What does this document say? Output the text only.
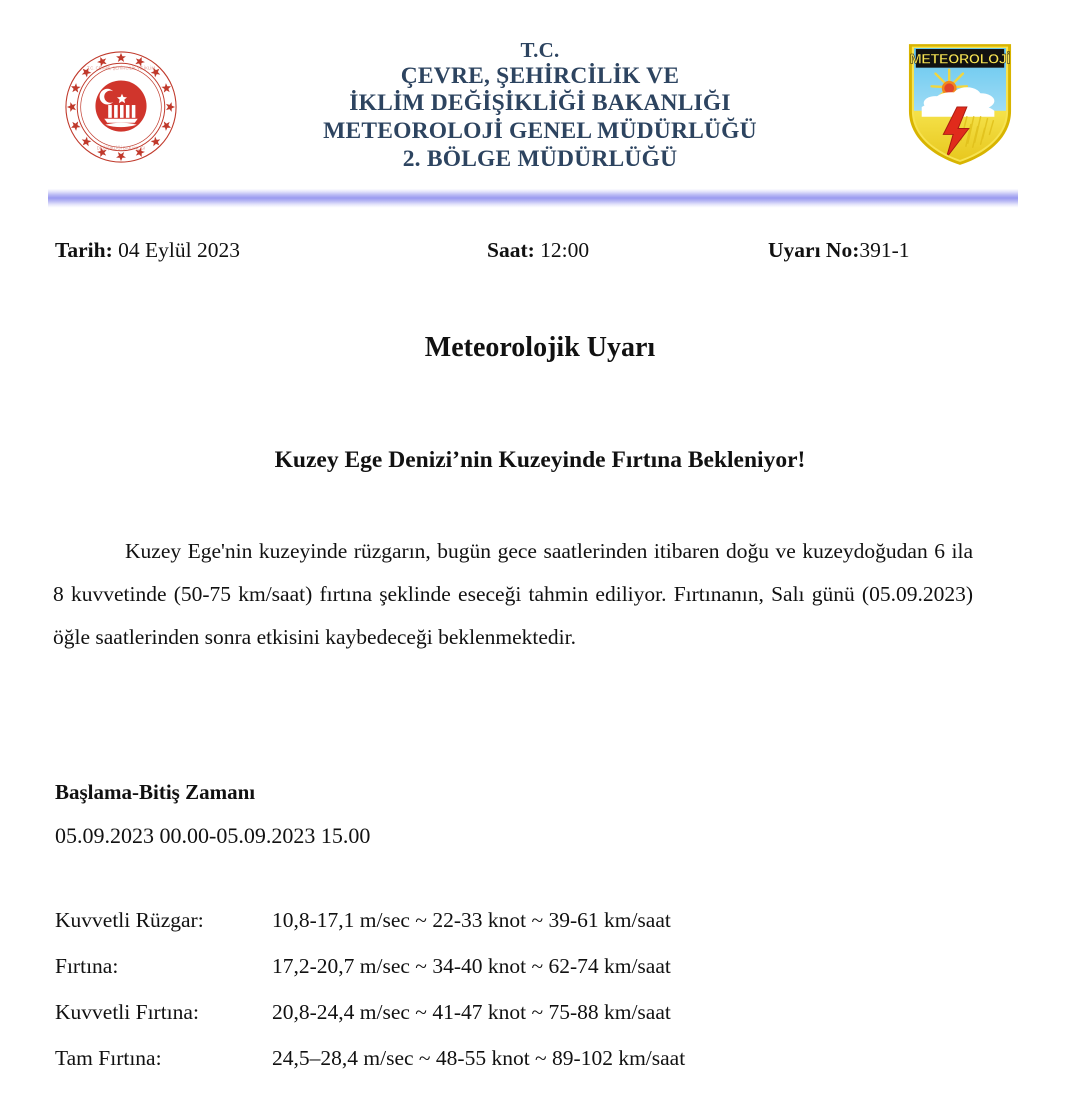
T.C. ÇEVRE, ŞEHİRCİLİK VE İKLİM
DEĞİŞİKLİĞİ BAKANLIĞI
T.C.
ÇEVRE, ŞEHİRCİLİK VE
İKLİM DEĞİŞİKLİĞİ BAKANLIĞI
METEOROLOJİ GENEL MÜDÜRLÜĞÜ
2. BÖLGE MÜDÜRLÜĞÜ
METEOROLOJİ
Tarih: 04 Eylül 2023	Saat: 12:00	Uyarı No:391-1
Meteorolojik Uyarı
Kuzey Ege Denizi’nin Kuzeyinde Fırtına Bekleniyor!
Kuzey Ege'nin kuzeyinde rüzgarın, bugün gece saatlerinden itibaren doğu ve kuzeydoğudan 6 ila 8 kuvvetinde (50-75 km/saat) fırtına şeklinde eseceği tahmin ediliyor. Fırtınanın, Salı günü (05.09.2023) öğle saatlerinden sonra etkisini kaybedeceği beklenmektedir.
Başlama-Bitiş Zamanı
05.09.2023 00.00-05.09.2023 15.00
Kuvvetli Rüzgar:	10,8-17,1 m/sec ~ 22-33 knot ~ 39-61 km/saat
Fırtına:	17,2-20,7 m/sec ~ 34-40 knot ~ 62-74 km/saat
Kuvvetli Fırtına:	20,8-24,4 m/sec ~ 41-47 knot ~ 75-88 km/saat
Tam Fırtına:	24,5–28,4 m/sec ~ 48-55 knot ~ 89-102 km/saat
